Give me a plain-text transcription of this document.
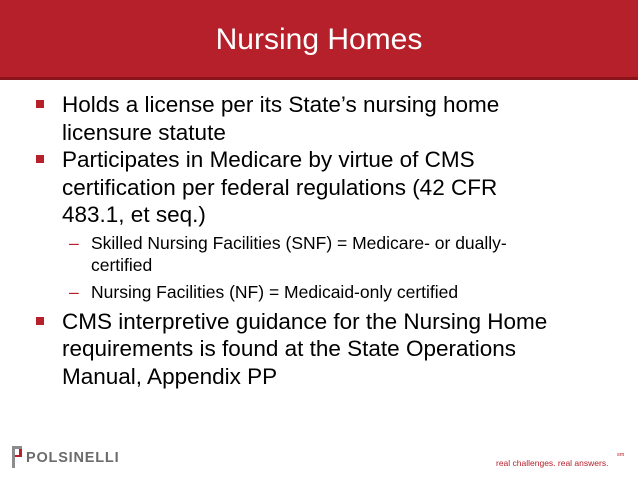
Nursing Homes
Holds a license per its State’s nursing home
licensure statute
Participates in Medicare by virtue of CMS
certification per federal regulations (42 CFR
483.1, et seq.)
– Skilled Nursing Facilities (SNF) = Medicare- or dually-
certified
– Nursing Facilities (NF) = Medicaid-only certified
CMS interpretive guidance for the Nursing Home
requirements is found at the State Operations
Manual, Appendix PP
POLSINELLI	real challenges. real answers.
sm
